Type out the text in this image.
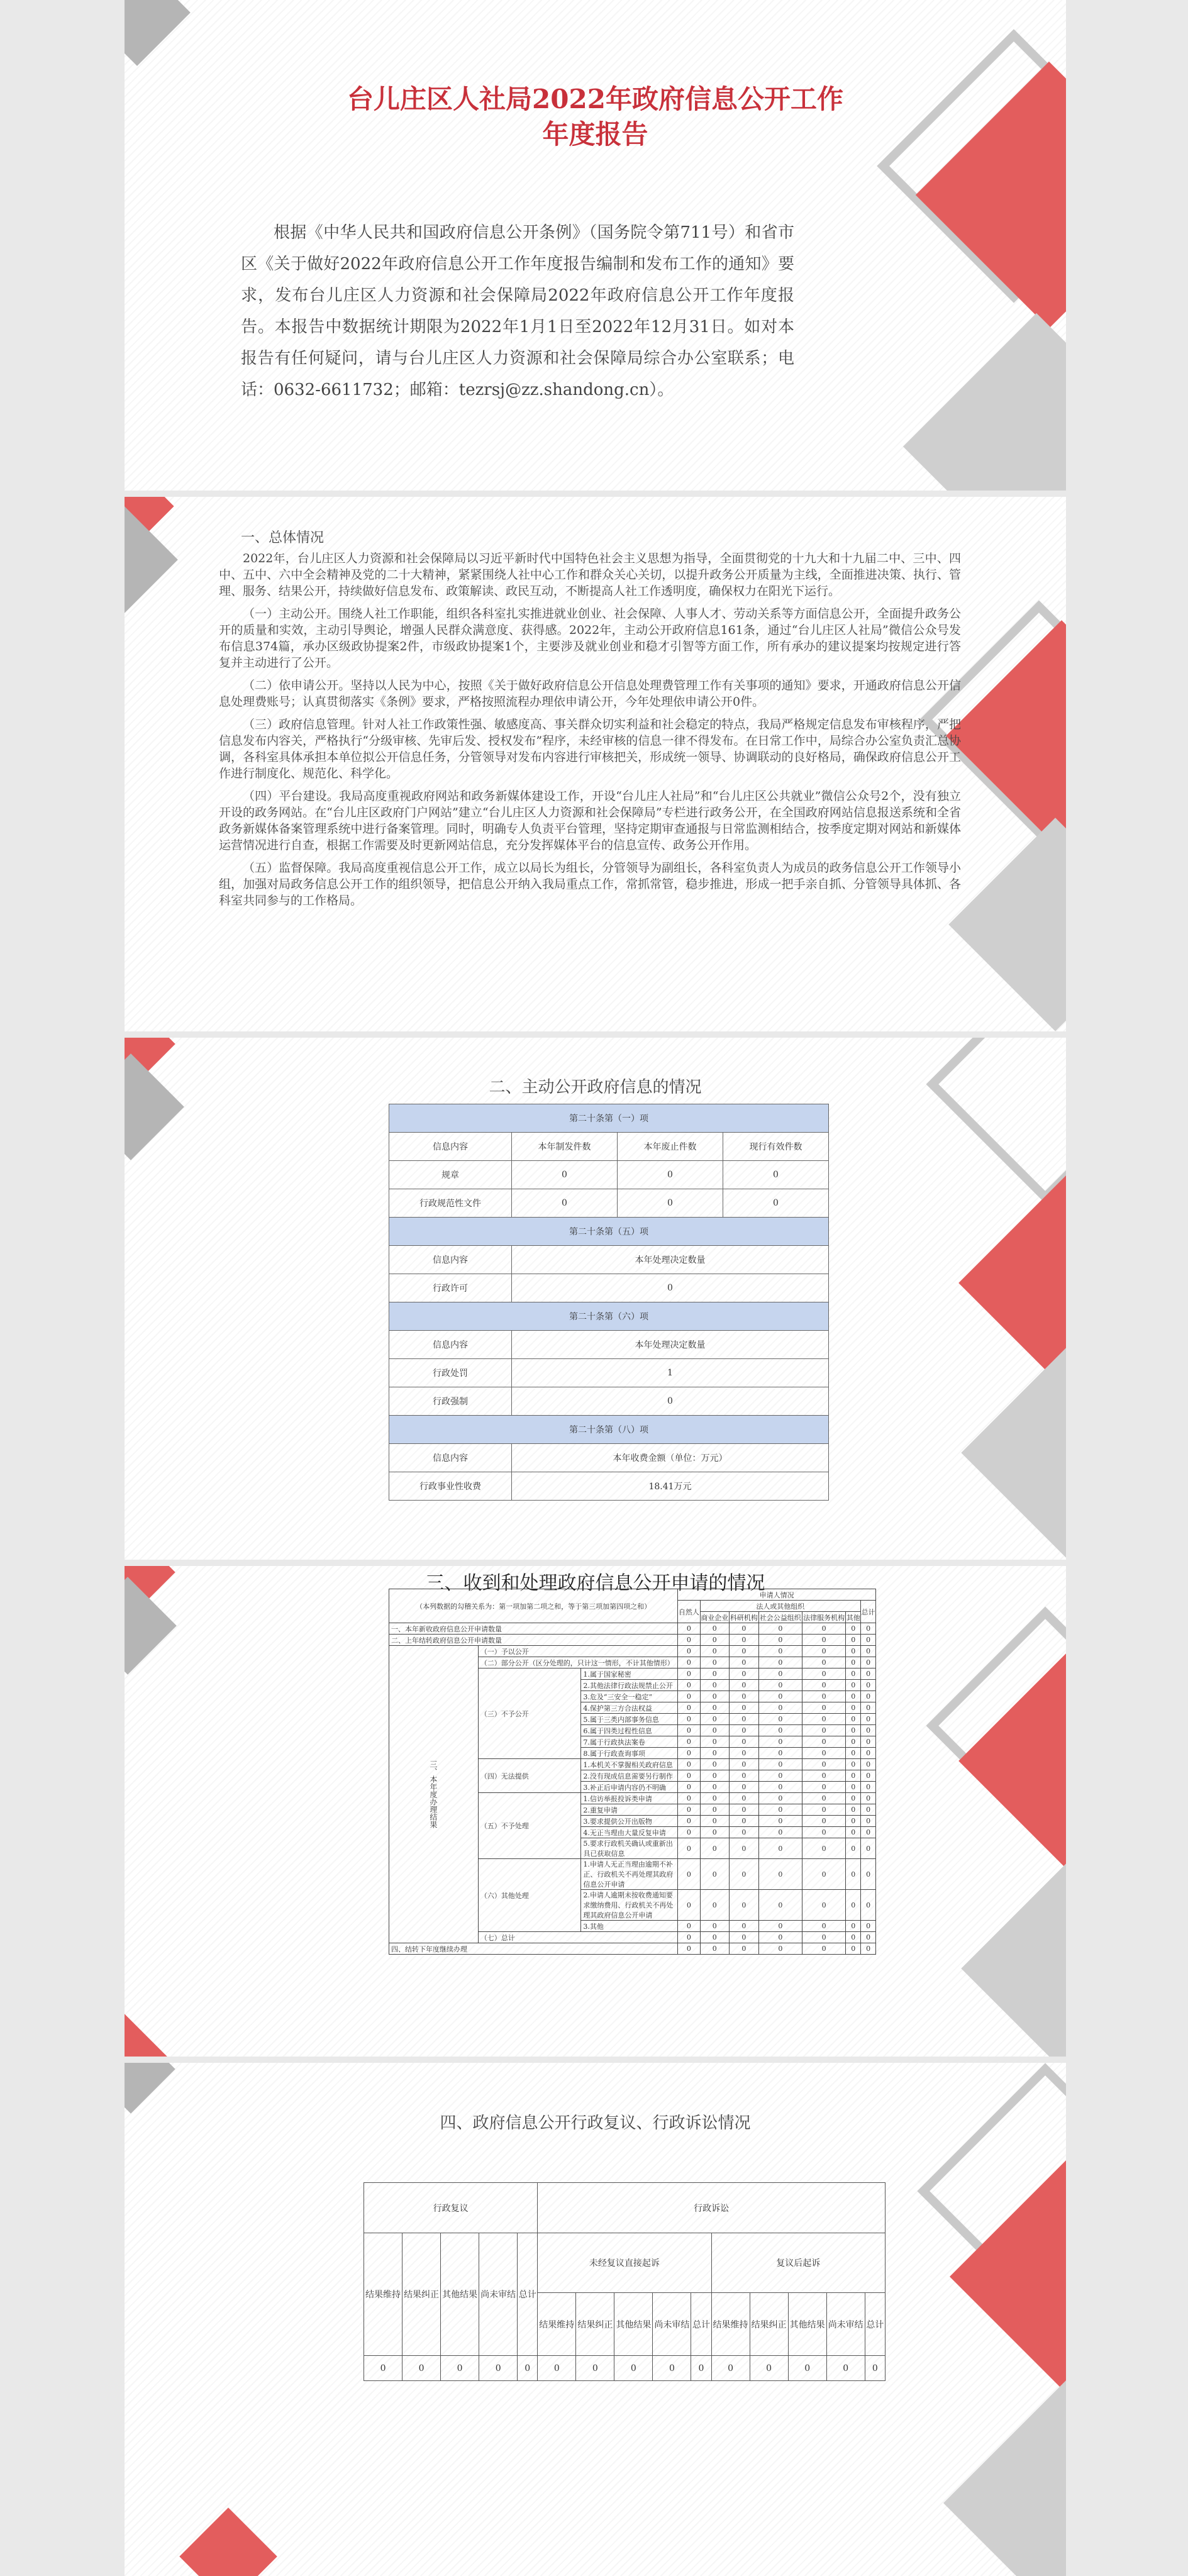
台儿庄区人社局2022年政府信息公开工作
年度报告
根据《中华人民共和国政府信息公开条例》（国务院令第711号）和省市区《关于做好2022年政府信息公开工作年度报告编制和发布工作的通知》要求，发布台儿庄区人力资源和社会保障局2022年政府信息公开工作年度报告。本报告中数据统计期限为2022年1月1日至2022年12月31日。如对本报告有任何疑问，请与台儿庄区人力资源和社会保障局综合办公室联系；电话：0632-6611732；邮箱：tezrsj@zz.shandong.cn）。
一、总体情况

2022年，台儿庄区人力资源和社会保障局以习近平新时代中国特色社会主义思想为指导，全面贯彻党的十九大和十九届二中、三中、四中、五中、六中全会精神及党的二十大精神，紧紧围绕人社中心工作和群众关心关切，以提升政务公开质量为主线，全面推进决策、执行、管理、服务、结果公开，持续做好信息发布、政策解读、政民互动，不断提高人社工作透明度，确保权力在阳光下运行。

（一）主动公开。围绕人社工作职能，组织各科室扎实推进就业创业、社会保障、人事人才、劳动关系等方面信息公开，全面提升政务公开的质量和实效，主动引导舆论，增强人民群众满意度、获得感。2022年，主动公开政府信息161条，通过“台儿庄区人社局”微信公众号发布信息374篇，承办区级政协提案2件，市级政协提案1个，主要涉及就业创业和稳才引智等方面工作，所有承办的建议提案均按规定进行答复并主动进行了公开。

（二）依申请公开。坚持以人民为中心，按照《关于做好政府信息公开信息处理费管理工作有关事项的通知》要求，开通政府信息公开信息处理费账号；认真贯彻落实《条例》要求，严格按照流程办理依申请公开，今年处理依申请公开0件。

（三）政府信息管理。针对人社工作政策性强、敏感度高、事关群众切实利益和社会稳定的特点，我局严格规定信息发布审核程序，严把信息发布内容关，严格执行“分级审核、先审后发、授权发布”程序，未经审核的信息一律不得发布。在日常工作中，局综合办公室负责汇总协调，各科室具体承担本单位拟公开信息任务，分管领导对发布内容进行审核把关，形成统一领导、协调联动的良好格局，确保政府信息公开工作进行制度化、规范化、科学化。

（四）平台建设。我局高度重视政府网站和政务新媒体建设工作，开设“台儿庄人社局”和“台儿庄区公共就业”微信公众号2个，没有独立开设的政务网站。在“台儿庄区政府门户网站”建立“台儿庄区人力资源和社会保障局”专栏进行政务公开，在全国政府网站信息报送系统和全省政务新媒体备案管理系统中进行备案管理。同时，明确专人负责平台管理，坚持定期审查通报与日常监测相结合，按季度定期对网站和新媒体运营情况进行自查，根据工作需要及时更新网站信息，充分发挥媒体平台的信息宣传、政务公开作用。

（五）监督保障。我局高度重视信息公开工作，成立以局长为组长，分管领导为副组长，各科室负责人为成员的政务信息公开工作领导小组，加强对局政务信息公开工作的组织领导，把信息公开纳入我局重点工作，常抓常管，稳步推进，形成一把手亲自抓、分管领导具体抓、各科室共同参与的工作格局。

二、主动公开政府信息的情况
第二十条第（一）项			
信息内容	本年制发件数	本年废止件数	现行有效件数
规章	0	0	0
行政规范性文件	0	0	0
第二十条第（五）项			
信息内容	本年处理决定数量		
行政许可	0		
第二十条第（六）项			
信息内容	本年处理决定数量		
行政处罚	1		
行政强制	0		
第二十条第（八）项			
信息内容	本年收费金额（单位：万元）		
行政事业性收费	18.41万元		
三、收到和处理政府信息公开申请的情况
（本列数据的勾稽关系为：第一项加第二项之和，等于第三项加第四项之和）			申请人情况						
			自然人	法人或其他组织					总计
				商业企业	科研机构	社会公益组织	法律服务机构	其他	
一、本年新收政府信息公开申请数量			0	0	0	0	0	0	0
二、上年结转政府信息公开申请数量			0	0	0	0	0	0	0
三、本年度办理结果	（一）予以公开		0	0	0	0	0	0	0
	（二）部分公开（区分处理的，只计这一情形，不计其他情形）		0	0	0	0	0	0	0
	（三）不予公开	1.属于国家秘密	0	0	0	0	0	0	0
		2.其他法律行政法规禁止公开	0	0	0	0	0	0	0
		3.危及“三安全一稳定”	0	0	0	0	0	0	0
		4.保护第三方合法权益	0	0	0	0	0	0	0
		5.属于三类内部事务信息	0	0	0	0	0	0	0
		6.属于四类过程性信息	0	0	0	0	0	0	0
		7.属于行政执法案卷	0	0	0	0	0	0	0
		8.属于行政查询事项	0	0	0	0	0	0	0
	（四）无法提供	1.本机关不掌握相关政府信息	0	0	0	0	0	0	0
		2.没有现成信息需要另行制作	0	0	0	0	0	0	0
		3.补正后申请内容仍不明确	0	0	0	0	0	0	0
	（五）不予处理	1.信访举报投诉类申请	0	0	0	0	0	0	0
		2.重复申请	0	0	0	0	0	0	0
		3.要求提供公开出版物	0	0	0	0	0	0	0
		4.无正当理由大量反复申请	0	0	0	0	0	0	0
		5.要求行政机关确认或重新出具已获取信息	0	0	0	0	0	0	0
	（六）其他处理	1.申请人无正当理由逾期不补正、行政机关不再处理其政府信息公开申请	0	0	0	0	0	0	0
		2.申请人逾期未按收费通知要求缴纳费用、行政机关不再处理其政府信息公开申请	0	0	0	0	0	0	0
		3.其他	0	0	0	0	0	0	0
	（七）总计		0	0	0	0	0	0	0
四、结转下年度继续办理			0	0	0	0	0	0	0
四、政府信息公开行政复议、行政诉讼情况
行政复议					行政诉讼									
结果维持	结果纠正	其他结果	尚未审结	总计	未经复议直接起诉					复议后起诉				
					结果维持	结果纠正	其他结果	尚未审结	总计	结果维持	结果纠正	其他结果	尚未审结	总计
0	0	0	0	0	0	0	0	0	0	0	0	0	0	0
